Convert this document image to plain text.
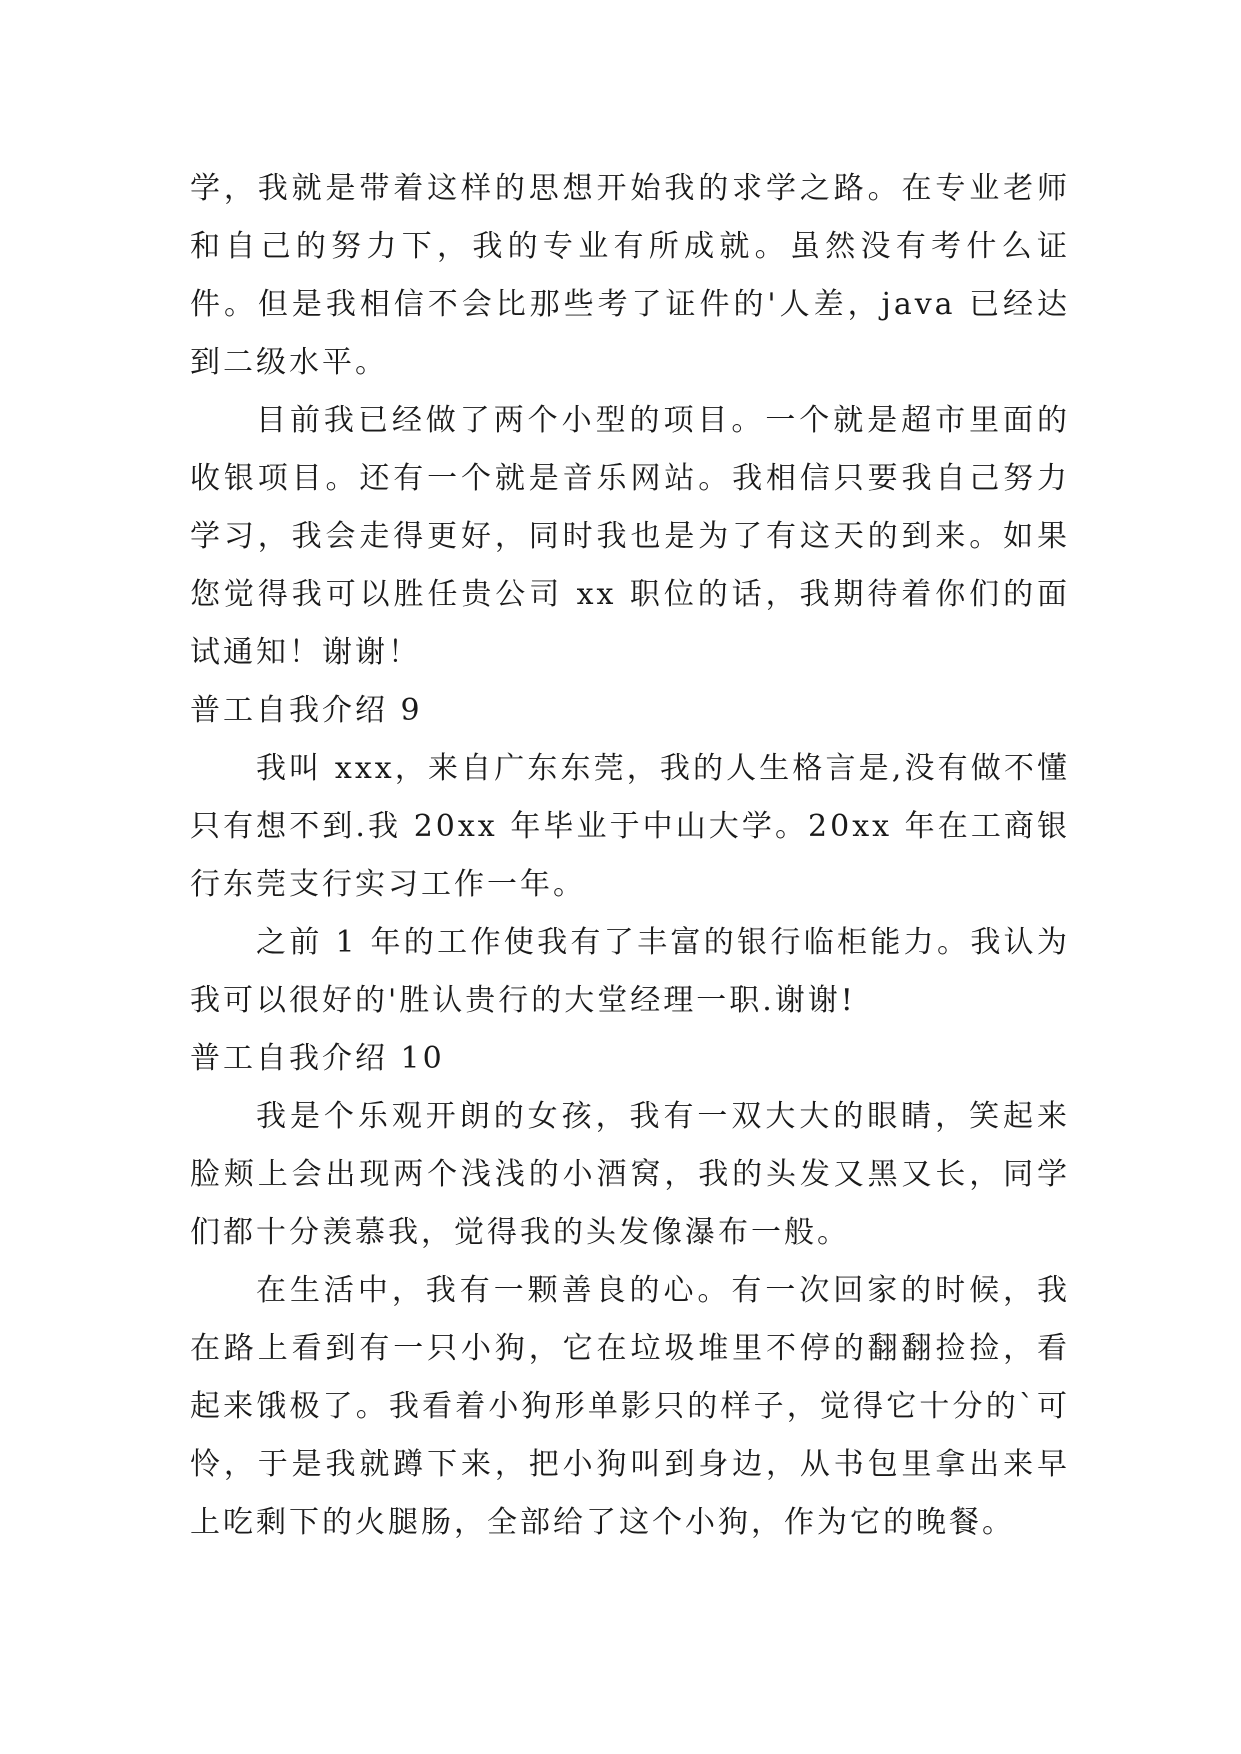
学，我就是带着这样的思想开始我的求学之路。在专业老师和自己的努力下，我的专业有所成就。虽然没有考什么证件。但是我相信不会比那些考了证件的'人差，java 已经达到二级水平。

目前我已经做了两个小型的项目。一个就是超市里面的收银项目。还有一个就是音乐网站。我相信只要我自己努力学习，我会走得更好，同时我也是为了有这天的到来。如果您觉得我可以胜任贵公司 xx 职位的话，我期待着你们的面试通知！谢谢！

普工自我介绍 9

我叫 xxx，来自广东东莞，我的人生格言是,没有做不懂只有想不到.我 20xx 年毕业于中山大学。20xx 年在工商银行东莞支行实习工作一年。

之前 1 年的工作使我有了丰富的银行临柜能力。我认为我可以很好的'胜认贵行的大堂经理一职.谢谢!

普工自我介绍 10

我是个乐观开朗的女孩，我有一双大大的眼睛，笑起来脸颊上会出现两个浅浅的小酒窝，我的头发又黑又长，同学们都十分羡慕我，觉得我的头发像瀑布一般。

在生活中，我有一颗善良的心。有一次回家的时候，我在路上看到有一只小狗，它在垃圾堆里不停的翻翻捡捡，看起来饿极了。我看着小狗形单影只的样子，觉得它十分的`可怜，于是我就蹲下来，把小狗叫到身边，从书包里拿出来早上吃剩下的火腿肠，全部给了这个小狗，作为它的晚餐。
